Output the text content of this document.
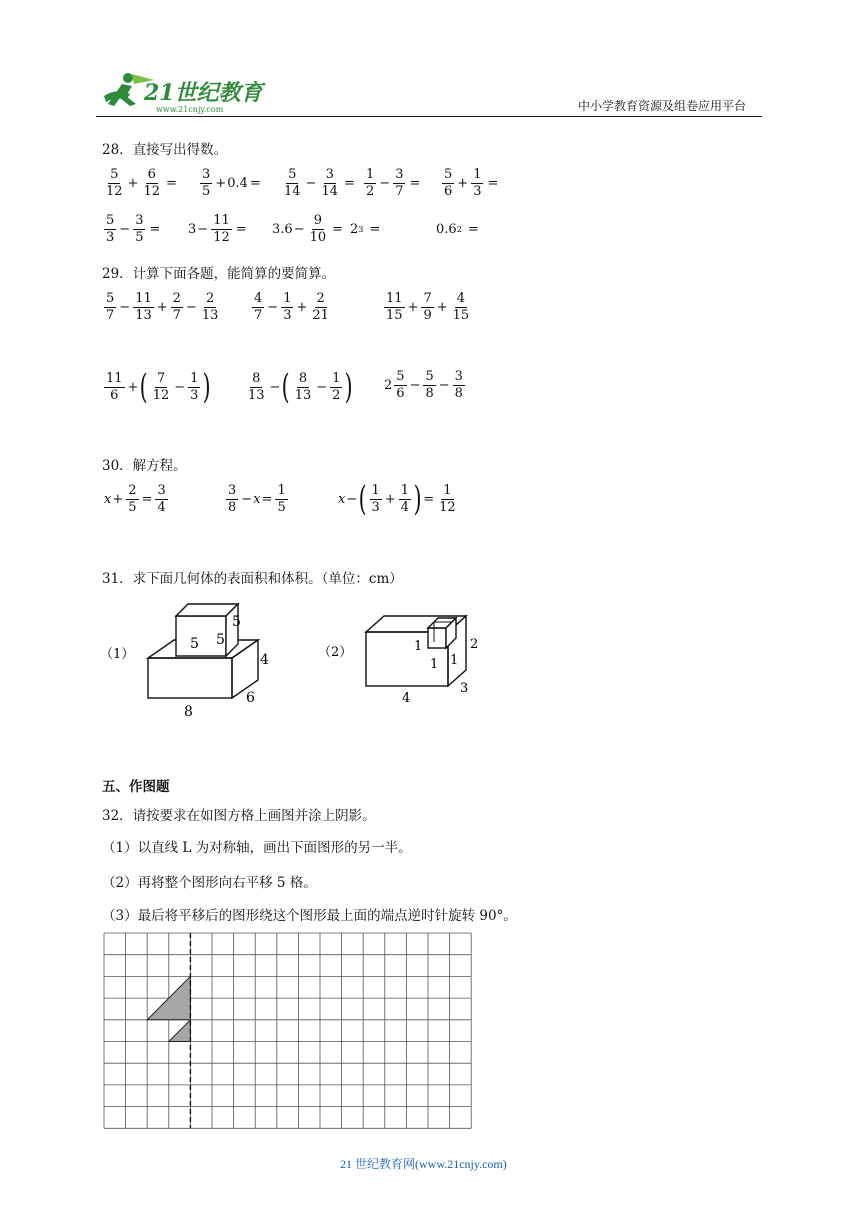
21世纪教育
www.21cnjy.com	中小学教育资源及组卷应用平台
28．直接写出得数。
$\frac{5}{12} + \frac{6}{12} = \frac{3}{5} + 0.4 = \frac{5}{14} - \frac{3}{14} = \frac{1}{2} - \frac{3}{7} = \frac{5}{6} + \frac{1}{3}$ =
$\frac{5}{3} - \frac{3}{5} = 3 - \frac{11}{12} = 3.6 - \frac{9}{10} = 2$ 3 =	0.6 2 =
29．计算下面各题，能简算的要简算。
$\frac{5}{7} - \frac{11}{13} + \frac{2}{7} - \frac{2}{13} \frac{4}{7} - \frac{1}{3} + \frac{2}{21}$	$\frac{11}{15} + \frac{7}{9} + \frac{4}{15}$
$\frac{11}{6}$ + ( $\frac{7}{12} - \frac{1}{3}$ )	$\frac{8}{13}$ − ( $\frac{8}{13} - \frac{1}{2}$ ) $2 \frac{5}{6} - \frac{5}{8} - \frac{3}{8}$
30．解方程。
$x + \frac{2}{5} = \frac{3}{4}$	$\frac{3}{8} - x = \frac{1}{5}$	x − ( $\frac{1}{3} + \frac{1}{4}$ ) = $\frac{1}{12}$
31．求下面几何体的表面积和体积。（单位：cm）
（1）
5 5
5
4
6
8
（2）	1
1 1
2
3
4
五、作图题
32．请按要求在如图方格上画图并涂上阴影。
（1）以直线 L 为对称轴，画出下面图形的另一半。
（2）再将整个图形向右平移 5 格。
（3）最后将平移后的图形绕这个图形最上面的端点逆时针旋转 90°。
21 世纪教育网(www.21cnjy.com)
